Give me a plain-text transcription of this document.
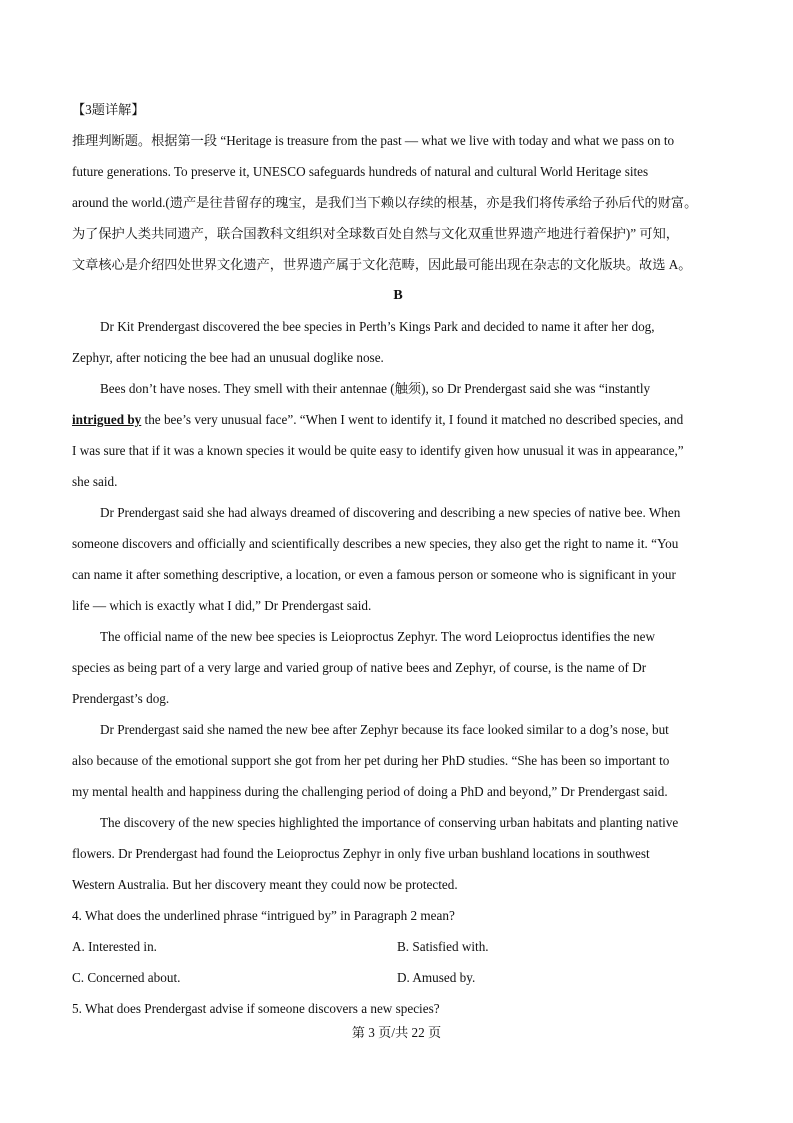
【3题详解】
推理判断题。根据第一段 “Heritage is treasure from the past — what we live with today and what we pass on to
future generations. To preserve it, UNESCO safeguards hundreds of natural and cultural World Heritage sites
around the world.(遗产是往昔留存的瑰宝，是我们当下赖以存续的根基，亦是我们将传承给子孙后代的财富。
为了保护人类共同遗产，联合国教科文组织对全球数百处自然与文化双重世界遗产地进行着保护)” 可知，
文章核心是介绍四处世界文化遗产，世界遗产属于文化范畴，因此最可能出现在杂志的文化版块。故选 A。
B
Dr Kit Prendergast discovered the bee species in Perth’s Kings Park and decided to name it after her dog,
Zephyr, after noticing the bee had an unusual doglike nose.
Bees don’t have noses. They smell with their antennae (触须), so Dr Prendergast said she was “instantly
intrigued by the bee’s very unusual face”. “When I went to identify it, I found it matched no described species, and
I was sure that if it was a known species it would be quite easy to identify given how unusual it was in appearance,”
she said.
Dr Prendergast said she had always dreamed of discovering and describing a new species of native bee. When
someone discovers and officially and scientifically describes a new species, they also get the right to name it. “You
can name it after something descriptive, a location, or even a famous person or someone who is significant in your
life — which is exactly what I did,” Dr Prendergast said.
The official name of the new bee species is Leioproctus Zephyr. The word Leioproctus identifies the new
species as being part of a very large and varied group of native bees and Zephyr, of course, is the name of Dr
Prendergast’s dog.
Dr Prendergast said she named the new bee after Zephyr because its face looked similar to a dog’s nose, but
also because of the emotional support she got from her pet during her PhD studies. “She has been so important to
my mental health and happiness during the challenging period of doing a PhD and beyond,” Dr Prendergast said.
The discovery of the new species highlighted the importance of conserving urban habitats and planting native
flowers. Dr Prendergast had found the Leioproctus Zephyr in only five urban bushland locations in southwest
Western Australia. But her discovery meant they could now be protected.
4. What does the underlined phrase “intrigued by” in Paragraph 2 mean?
A. Interested in.	B. Satisfied with.
C. Concerned about.	D. Amused by.
5. What does Prendergast advise if someone discovers a new species?
第 3 页/共 22 页
